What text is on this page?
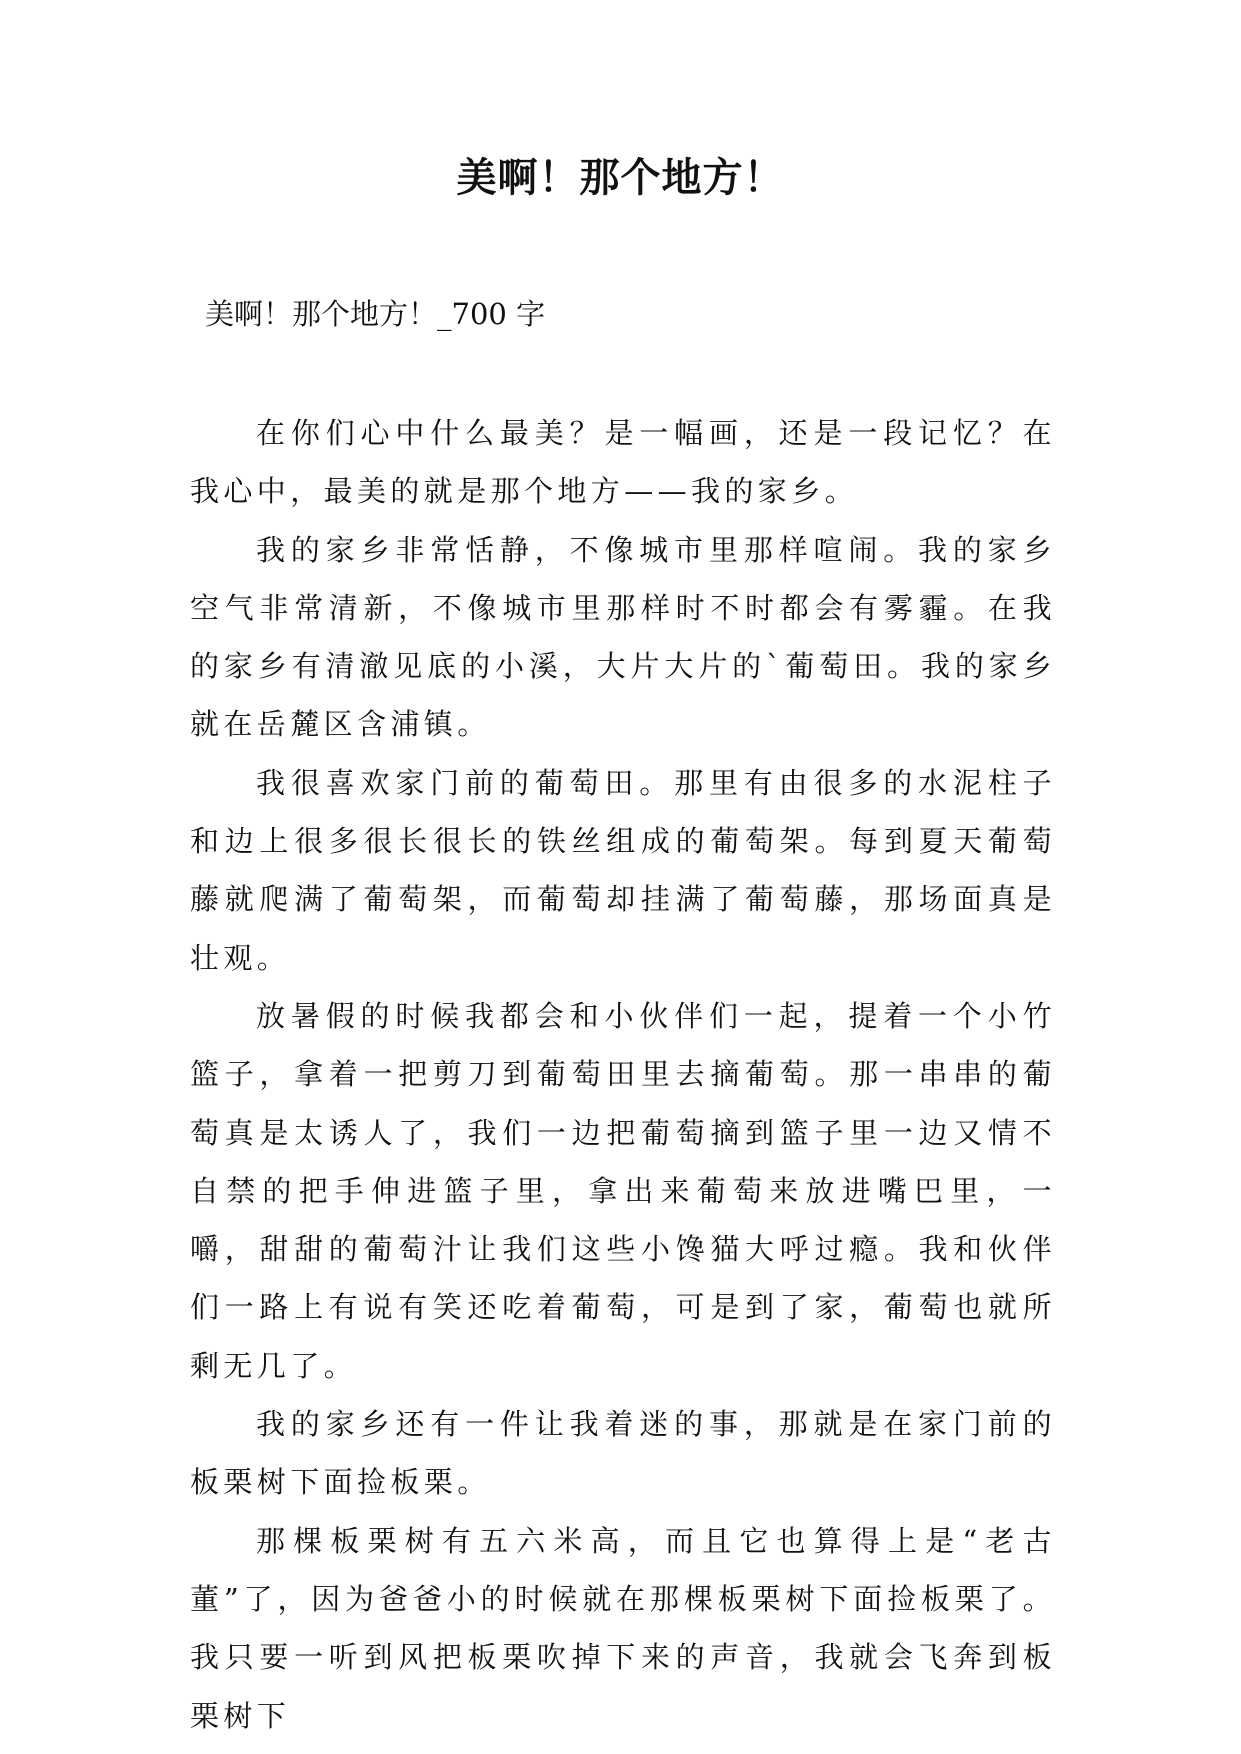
美啊！那个地方！

美啊！那个地方！_700 字

在你们心中什么最美？是一幅画，还是一段记忆？在我心中，最美的就是那个地方——我的家乡。

我的家乡非常恬静，不像城市里那样喧闹。我的家乡空气非常清新，不像城市里那样时不时都会有雾霾。在我的家乡有清澈见底的小溪，大片大片的`葡萄田。我的家乡就在岳麓区含浦镇。

我很喜欢家门前的葡萄田。那里有由很多的水泥柱子和边上很多很长很长的铁丝组成的葡萄架。每到夏天葡萄藤就爬满了葡萄架，而葡萄却挂满了葡萄藤，那场面真是壮观。

放暑假的时候我都会和小伙伴们一起，提着一个小竹篮子，拿着一把剪刀到葡萄田里去摘葡萄。那一串串的葡萄真是太诱人了，我们一边把葡萄摘到篮子里一边又情不自禁的把手伸进篮子里，拿出来葡萄来放进嘴巴里，一嚼，甜甜的葡萄汁让我们这些小馋猫大呼过瘾。我和伙伴们一路上有说有笑还吃着葡萄，可是到了家，葡萄也就所剩无几了。

我的家乡还有一件让我着迷的事，那就是在家门前的板栗树下面捡板栗。

那棵板栗树有五六米高，而且它也算得上是“老古董”了，因为爸爸小的时候就在那棵板栗树下面捡板栗了。我只要一听到风把板栗吹掉下来的声音，我就会飞奔到板栗树下
